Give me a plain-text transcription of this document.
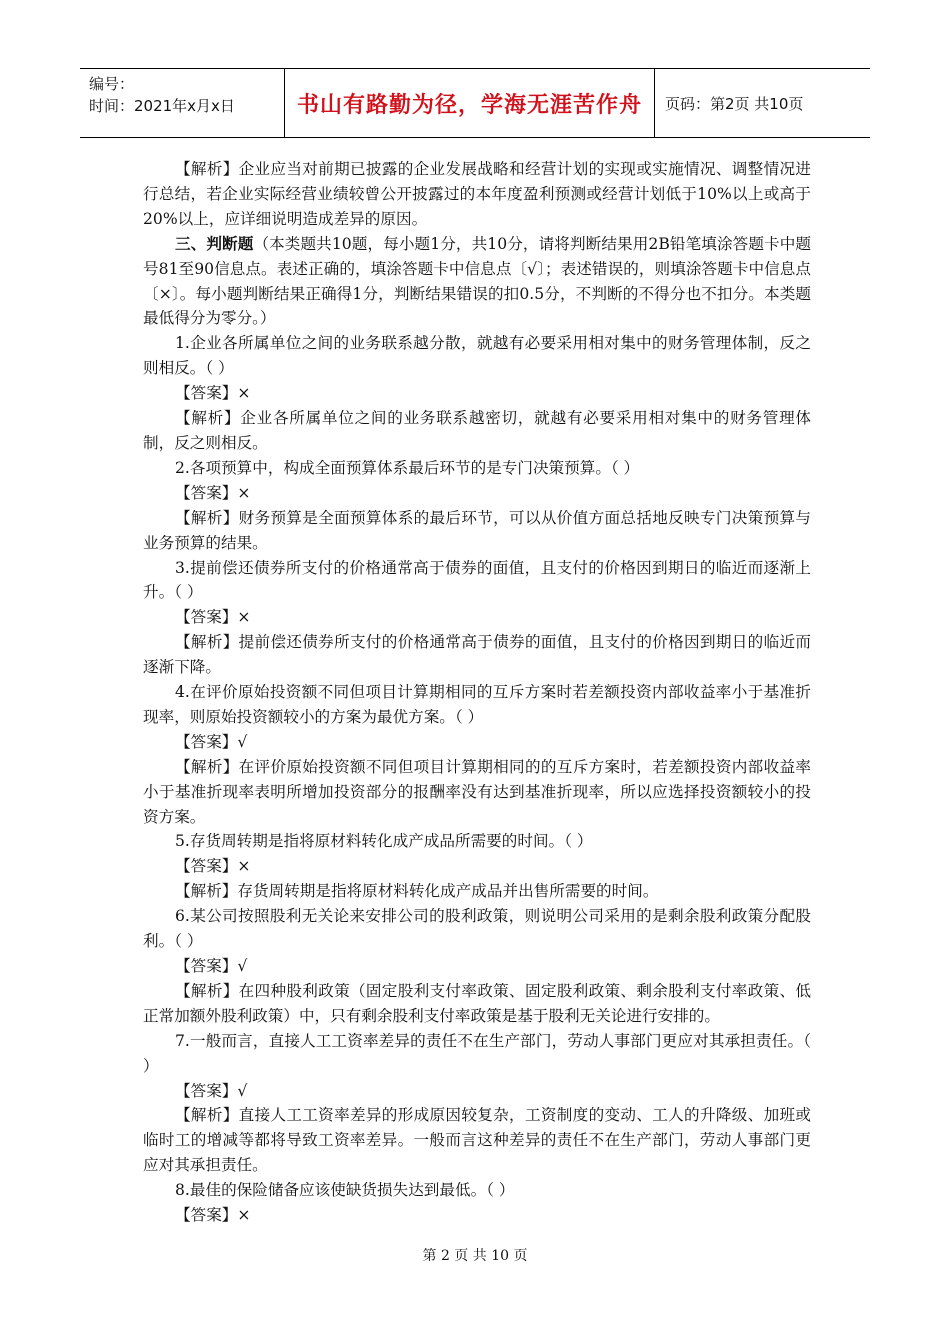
编号：
时间：2021年x月x日	书山有路勤为径，学海无涯苦作舟 页码：第2页 共10页

【解析】企业应当对前期已披露的企业发展战略和经营计划的实现或实施情况、调整情况进行总结，若企业实际经营业绩较曾公开披露过的本年度盈利预测或经营计划低于10%以上或高于20%以上，应详细说明造成差异的原因。

三、判断题（本类题共10题，每小题1分，共10分，请将判断结果用2B铅笔填涂答题卡中题号81至90信息点。表述正确的，填涂答题卡中信息点〔√〕；表述错误的，则填涂答题卡中信息点〔×〕。每小题判断结果正确得1分，判断结果错误的扣0.5分，不判断的不得分也不扣分。本类题最低得分为零分。）

1.企业各所属单位之间的业务联系越分散，就越有必要采用相对集中的财务管理体制，反之则相反。（ ）

【答案】×

【解析】企业各所属单位之间的业务联系越密切，就越有必要采用相对集中的财务管理体制，反之则相反。

2.各项预算中，构成全面预算体系最后环节的是专门决策预算。（ ）

【答案】×

【解析】财务预算是全面预算体系的最后环节，可以从价值方面总括地反映专门决策预算与业务预算的结果。

3.提前偿还债券所支付的价格通常高于债券的面值，且支付的价格因到期日的临近而逐渐上升。（ ）

【答案】×

【解析】提前偿还债券所支付的价格通常高于债券的面值，且支付的价格因到期日的临近而逐渐下降。

4.在评价原始投资额不同但项目计算期相同的互斥方案时若差额投资内部收益率小于基准折现率，则原始投资额较小的方案为最优方案。（ ）

【答案】√

【解析】在评价原始投资额不同但项目计算期相同的的互斥方案时，若差额投资内部收益率小于基准折现率表明所增加投资部分的报酬率没有达到基准折现率，所以应选择投资额较小的投资方案。

5.存货周转期是指将原材料转化成产成品所需要的时间。（ ）

【答案】×

【解析】存货周转期是指将原材料转化成产成品并出售所需要的时间。

6.某公司按照股利无关论来安排公司的股利政策，则说明公司采用的是剩余股利政策分配股利。（ ）

【答案】√

【解析】在四种股利政策（固定股利支付率政策、固定股利政策、剩余股利支付率政策、低正常加额外股利政策）中，只有剩余股利支付率政策是基于股利无关论进行安排的。

7.一般而言，直接人工工资率差异的责任不在生产部门，劳动人事部门更应对其承担责任。（ ）

【答案】√

【解析】直接人工工资率差异的形成原因较复杂，工资制度的变动、工人的升降级、加班或临时工的增减等都将导致工资率差异。一般而言这种差异的责任不在生产部门，劳动人事部门更应对其承担责任。

8.最佳的保险储备应该使缺货损失达到最低。（ ）

【答案】×

第 2 页 共 10 页
